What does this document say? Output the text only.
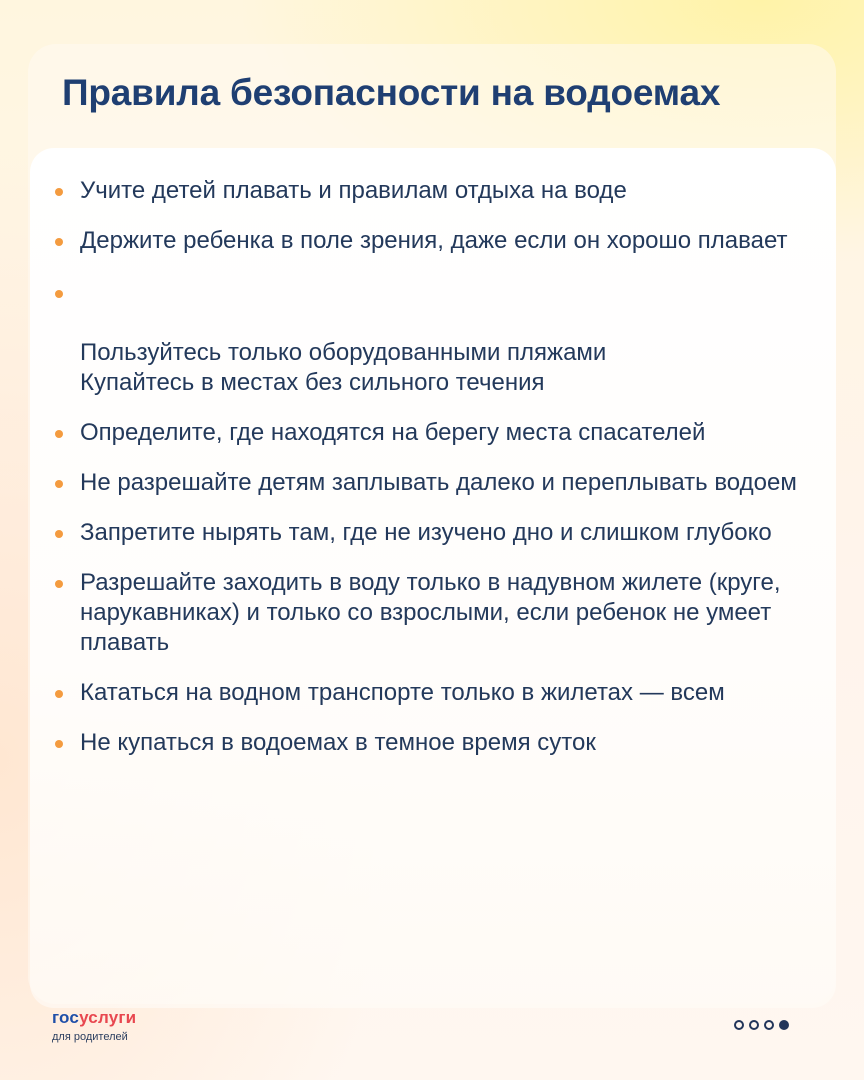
Правила безопасности на водоемах
Учите детей плавать и правилам отдыха на воде
Держите ребенка в поле зрения, даже если он хорошо плавает

Пользуйтесь только оборудованными пляжами
Купайтесь в местах без сильного течения

Определите, где находятся на берегу места спасателей
Не разрешайте детям заплывать далеко и переплывать водоем
Запретите нырять там, где не изучено дно и слишком глубоко
Разрешайте заходить в воду только в надувном жилете (круге, нарукавниках) и только со взрослыми, если ребенок не умеет плавать
Кататься на водном транспорте только в жилетах — всем
Не купаться в водоемах в темное время суток
госуслуги
для родителей
